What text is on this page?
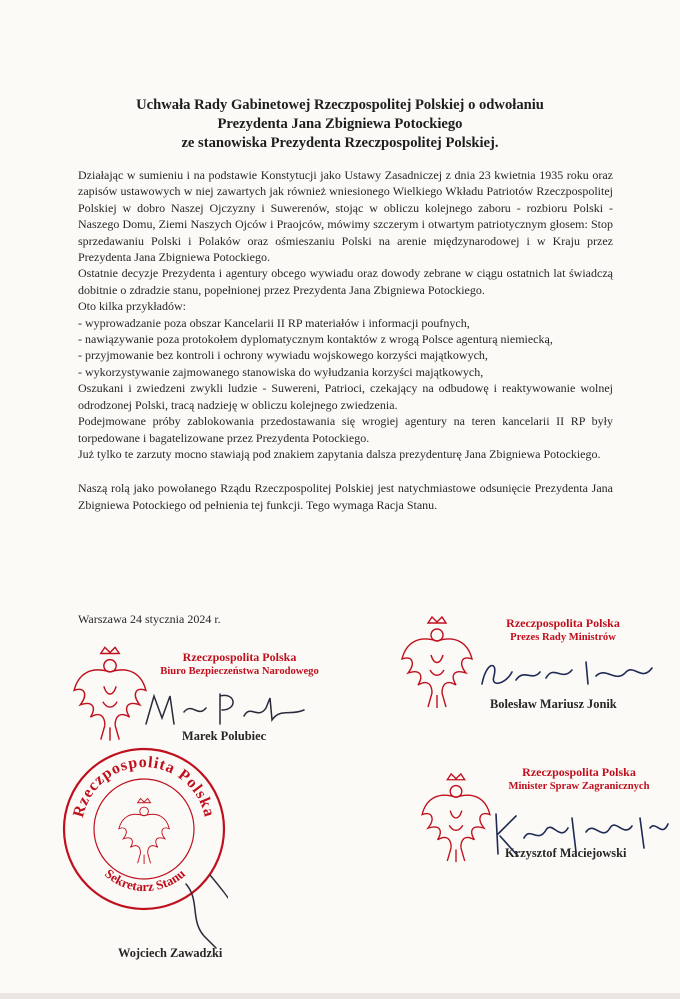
Uchwała Rady Gabinetowej Rzeczpospolitej Polskiej o odwołaniu
Prezydenta Jana Zbigniewa Potockiego
ze stanowiska Prezydenta Rzeczpospolitej Polskiej.

Działając w sumieniu i na podstawie Konstytucji jako Ustawy Zasadniczej z dnia 23 kwietnia 1935 roku oraz zapisów ustawowych w niej zawartych jak również wniesionego Wielkiego Wkładu Patriotów Rzeczpospolitej Polskiej w dobro Naszej Ojczyzny i Suwerenów, stojąc w obliczu kolejnego zaboru - rozbioru Polski - Naszego Domu, Ziemi Naszych Ojców i Praojców, mówimy szczerym i otwartym patriotycznym głosem: Stop sprzedawaniu Polski i Polaków oraz ośmieszaniu Polski na arenie międzynarodowej i w Kraju przez Prezydenta Jana Zbigniewa Potockiego.

Ostatnie decyzje Prezydenta i agentury obcego wywiadu oraz dowody zebrane w ciągu ostatnich lat świadczą dobitnie o zdradzie stanu, popełnionej przez Prezydenta Jana Zbigniewa Potockiego.

Oto kilka przykładów:

- wyprowadzanie poza obszar Kancelarii II RP materiałów i informacji poufnych,

- nawiązywanie poza protokołem dyplomatycznym kontaktów z wrogą Polsce agenturą niemiecką,

- przyjmowanie bez kontroli i ochrony wywiadu wojskowego korzyści majątkowych,

- wykorzystywanie zajmowanego stanowiska do wyłudzania korzyści majątkowych,

Oszukani i zwiedzeni zwykli ludzie - Suwereni, Patrioci, czekający na odbudowę i reaktywowanie wolnej odrodzonej Polski, tracą nadzieję w obliczu kolejnego zwiedzenia.

Podejmowane próby zablokowania przedostawania się wrogiej agentury na teren kancelarii II RP były torpedowane i bagatelizowane przez Prezydenta Potockiego.

Już tylko te zarzuty mocno stawiają pod znakiem zapytania dalsza prezydenturę Jana Zbigniewa Potockiego.

Naszą rolą jako powołanego Rządu Rzeczpospolitej Polskiej jest natychmiastowe odsunięcie Prezydenta Jana Zbigniewa Potockiego od pełnienia tej funkcji. Tego wymaga Racja Stanu.

Warszawa 24 stycznia 2024 r.	Rzeczpospolita Polska
Prezes Rady Ministrów
Bolesław Mariusz Jonik
Rzeczpospolita Polska
Biuro Bezpieczeństwa Narodowego
Marek Polubiec
Rzeczpospolita Polska
Sekretarz Stanu
Wojciech Zawadzki
Rzeczpospolita Polska
Minister Spraw Zagranicznych
Krzysztof Maciejowski
